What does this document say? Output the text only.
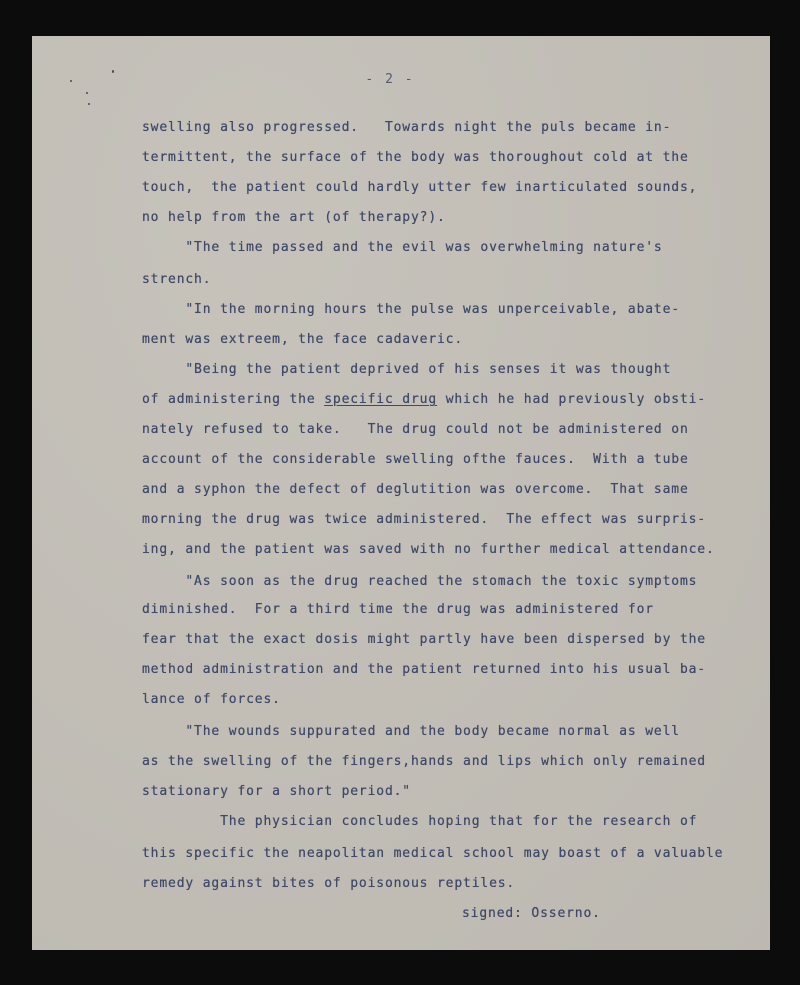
- 2 -
swelling also progressed.   Towards night the puls became in-
termittent, the surface of the body was thoroughout cold at the
touch,  the patient could hardly utter few inarticulated sounds,
no help from the art (of therapy?).
"The time passed and the evil was overwhelming nature's
strench.
"In the morning hours the pulse was unperceivable, abate-
ment was extreem, the face cadaveric.
"Being the patient deprived of his senses it was thought
of administering the specific drug which he had previously obsti-
nately refused to take.   The drug could not be administered on
account of the considerable swelling ofthe fauces.  With a tube
and a syphon the defect of deglutition was overcome.  That same
morning the drug was twice administered.  The effect was surpris-
ing, and the patient was saved with no further medical attendance.
"As soon as the drug reached the stomach the toxic symptoms
diminished.  For a third time the drug was administered for
fear that the exact dosis might partly have been dispersed by the
method administration and the patient returned into his usual ba-
lance of forces.
"The wounds suppurated and the body became normal as well
as the swelling of the fingers,hands and lips which only remained
stationary for a short period."
The physician concludes hoping that for the research of
this specific the neapolitan medical school may boast of a valuable
remedy against bites of poisonous reptiles.
signed: Osserno.
